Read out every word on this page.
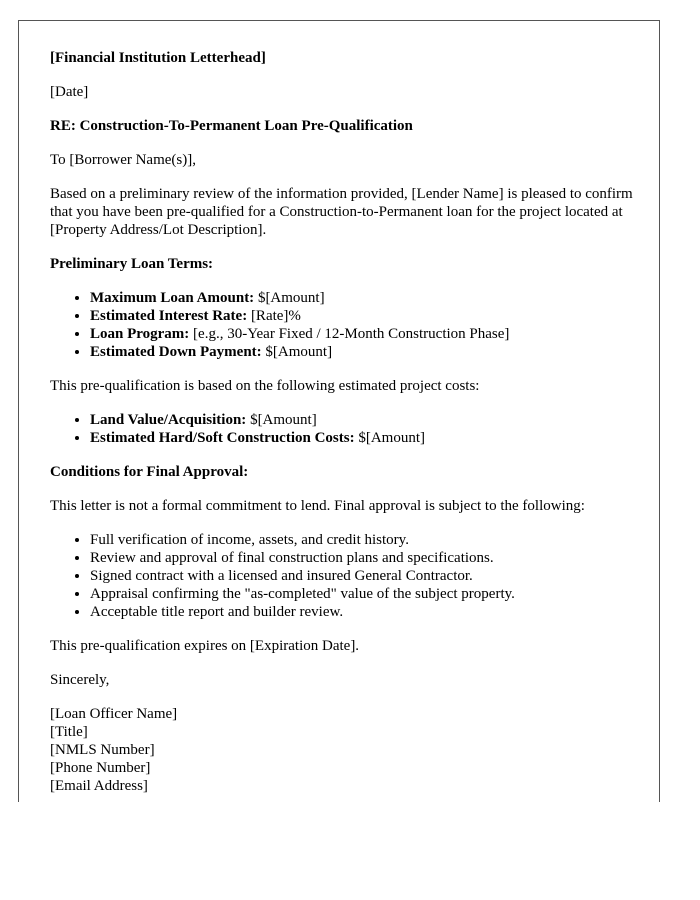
[Financial Institution Letterhead]

[Date]

RE: Construction-To-Permanent Loan Pre-Qualification

To [Borrower Name(s)],

Based on a preliminary review of the information provided, [Lender Name] is pleased to confirm that you have been pre-qualified for a Construction-to-Permanent loan for the project located at [Property Address/Lot Description].

Preliminary Loan Terms:

• Maximum Loan Amount: $[Amount]
• Estimated Interest Rate: [Rate]%
• Loan Program: [e.g., 30-Year Fixed / 12-Month Construction Phase]
• Estimated Down Payment: $[Amount]

This pre-qualification is based on the following estimated project costs:

• Land Value/Acquisition: $[Amount]
• Estimated Hard/Soft Construction Costs: $[Amount]

Conditions for Final Approval:

This letter is not a formal commitment to lend. Final approval is subject to the following:

• Full verification of income, assets, and credit history.
• Review and approval of final construction plans and specifications.
• Signed contract with a licensed and insured General Contractor.
• Appraisal confirming the "as-completed" value of the subject property.
• Acceptable title report and builder review.

This pre-qualification expires on [Expiration Date].

Sincerely,

[Loan Officer Name]
[Title]
[NMLS Number]
[Phone Number]
[Email Address]
